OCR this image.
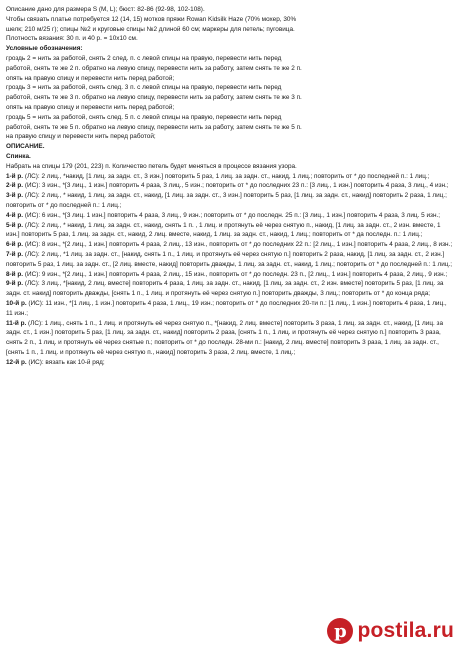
Описание дано для размера S (M, L); бюст: 82-86 (92-98, 102-108).
Чтобы связать платье потребуется 12 (14, 15) мотков пряжи Rowan Kidsilk Haze (70% мохер, 30%
шелк; 210 м/25 г); спицы №2 и круговые спицы №2 длиной 60 см; маркеры для петель; пуговица.
Плотность вязания: 30 п. и 40 р. = 10х10 см.
Условные обозначения:
гроздь 2 = нить за работой, снять 2 след. п. с левой спицы на правую, перевести нить перед
работой, снять те же 2 п. обратно на левую спицу, перевести нить за работу, затем снять те же 2 п.
опять на правую спицу и перевести нить перед работой;
гроздь 3 = нить за работой, снять след. 3 п. с левой спицы на правую, перевести нить перед
работой, снять те же 3 п. обратно на левую спицу, перевести нить за работу, затем снять те же 3 п.
опять на правую спицу и перевести нить перед работой;
гроздь 5 = нить за работой, снять след. 5 п. с левой спицы на правую, перевести нить перед
работой, снять те же 5 п. обратно на левую спицу, перевести нить за работу, затем снять те же 5 п.
на правую спицу и перевести нить перед работой;
ОПИСАНИЕ.
Спинка.
Набрать на спицы 179 (201, 223) п. Количество петель будет меняться в процессе вязания узора.
1-й р. (ЛС): 2 лиц., *накид, [1 лиц. за задн. ст., 3 изн.] повторить 5 раз, 1 лиц. за задн. ст., накид, 1 лиц.; повторить от * до последней п.: 1 лиц.;
2-й р. (ИС): 3 изн., *[3 лиц., 1 изн.] повторить 4 раза, 3 лиц., 5 изн.; повторить от * до последних 23 п.: [3 лиц., 1 изн.] повторить 4 раза, 3 лиц., 4 изн.;
3-й р. (ЛС): 2 лиц., * накид, 1 лиц. за задн. ст., накид, [1 лиц. за задн. ст., 3 изн.] повторить 5 раз, [1 лиц. за задн. ст., накид] повторить 2 раза, 1 лиц.; повторить от * до последней п.: 1 лиц.;
4-й р. (ИС): 6 изн., *[3 лиц. 1 изн.] повторить 4 раза, 3 лиц., 9 изн.; повторить от * до последн. 25 п.: [3 лиц., 1 изн.] повторить 4 раза, 3 лиц. 5 изн.;
5-й р. (ЛС): 2 лиц., * накид, 1 лиц. за задн. ст., накид, снять 1 п. , 1 лиц. и протянуть её через снятую п., накид, [1 лиц. за задн. ст., 2 изн. вместе, 1 изн.] повторить 5 раз, 1 лиц. за задн. ст., накид, 2 лиц. вместе, накид, 1 лиц. за задн. ст., накид, 1 лиц.; повторить от * да последн. п.: 1 лиц.;
6-й р. (ИС): 8 изн., *[2 лиц., 1 изн.] повторить 4 раза, 2 лиц., 13 изн., повторить от * до последних 22 п.: [2 лиц., 1 изн.] повторить 4 раза, 2 лиц., 8 изн.;
7-й р. (ЛС): 2 лиц., *1 лиц. за задн. ст., [накид, снять 1 п., 1 лиц. и протянуть её через снятую п.] повторить 2 раза, накид, [1 лиц. за задн. ст., 2 изн.] повторить 5 раз, 1 лиц. за задн. ст., [2 лиц. вместе, накид] повторить дважды, 1 лиц. за задн. ст., накид, 1 лиц.; повторить от * до последней п.: 1 лиц.;
8-й р. (ИС): 9 изн., *[2 лиц., 1 изн.] повторить 4 раза, 2 лиц., 15 изн., повторить от * до последн. 23 п., [2 лиц., 1 изн.] повторить 4 раза, 2 лиц., 9 изн.;
9-й р. (ЛС): 3 лиц., *[накид, 2 лиц. вместе] повторить 4 раза, 1 лиц. за задн. ст., накид, [1 лиц. за задн. ст., 2 изн. вместе] повторить 5 раз, [1 лиц. за задн. ст. накид] повторить дважды, [снять 1 п., 1 лиц. и протянуть её через снятую п.] повторить дважды, 3 лиц.; повторить от * до конца ряда;
10-й р. (ИС): 11 изн., *[1 лиц., 1 изн.] повторить 4 раза, 1 лиц., 19 изн.; повторить от * до последних 20-ти п.: [1 лиц., 1 изн.] повторить 4 раза, 1 лиц., 11 изн.;
11-й р. (ЛС): 1 лиц., снять 1 п., 1 лиц. и протянуть её через снятую п., *[накид, 2 лиц. вместе] повторить 3 раза, 1 лиц. за задн. ст., накид, [1 лиц. за задн. ст., 1 изн.] повторить 5 раз, [1 лиц. за задн. ст., накид] повторить 2 раза, [снять 1 п., 1 лиц. и протянуть её через снятую п.] повторить 3 раза, снять 2 п., 1 лиц. и протянуть её через снятые п.; повторить от * до последн. 28-ми п.: [накид, 2 лиц. вместе] повторить 3 раза, 1 лиц. за задн. ст., [снять 1 п., 1 лиц. и протянуть её через снятую п., накид] повторить 3 раза, 2 лиц. вместе, 1 лиц.;
12-й р. (ИС): вязать как 10-й ряд;
p postila.ru
